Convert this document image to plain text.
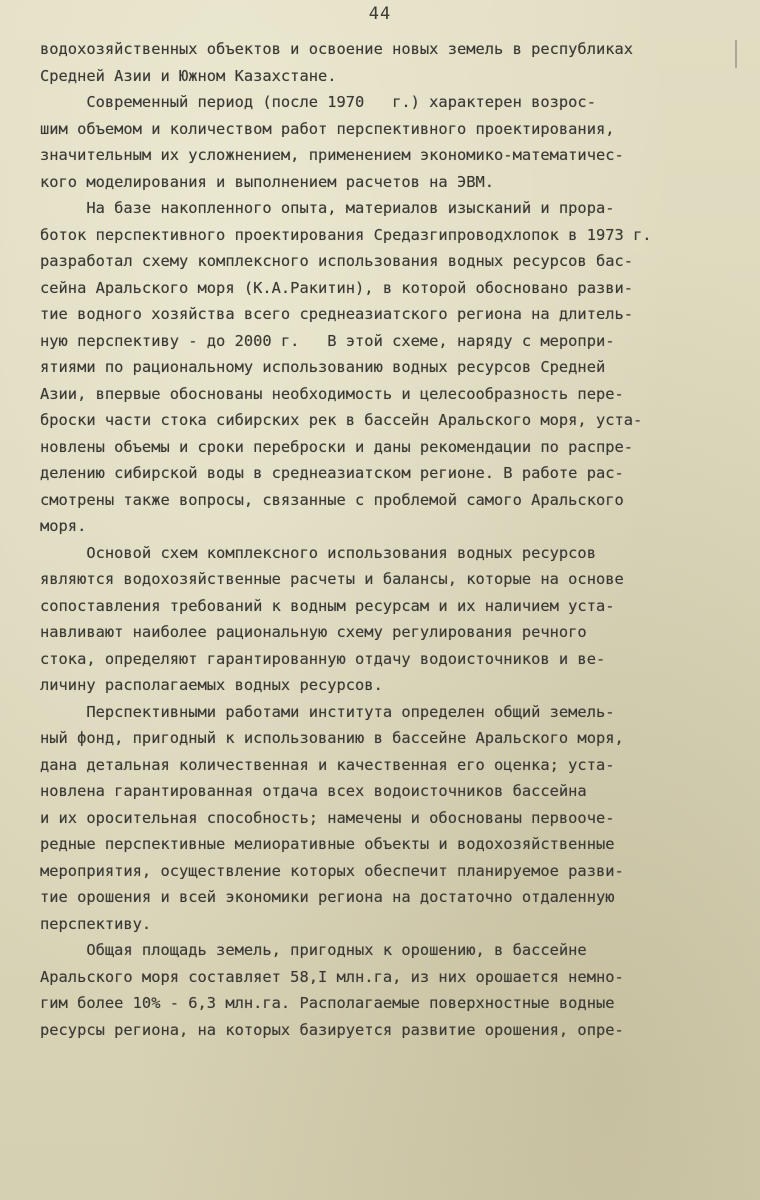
44
водохозяйственных объектов и освоение новых земель в республиках
Средней Азии и Южном Казахстане.
Современный период (после 1970   г.) характерен возрос-
шим объемом и количеством работ перспективного проектирования,
значительным их усложнением, применением экономико-математичес-
кого моделирования и выполнением расчетов на ЭВМ.
На базе накопленного опыта, материалов изысканий и прора-
боток перспективного проектирования Средазгипроводхлопок в 1973 г.
разработал схему комплексного использования водных ресурсов бас-
сейна Аральского моря (К.А.Ракитин), в которой обосновано разви-
тие водного хозяйства всего среднеазиатского региона на длитель-
ную перспективу - до 2000 г.   В этой схеме, наряду с меропри-
ятиями по рациональному использованию водных ресурсов Средней
Азии, впервые обоснованы необходимость и целесообразность пере-
броски части стока сибирских рек в бассейн Аральского моря, уста-
новлены объемы и сроки переброски и даны рекомендации по распре-
делению сибирской воды в среднеазиатском регионе. В работе рас-
смотрены также вопросы, связанные с проблемой самого Аральского
моря.
Основой схем комплексного использования водных ресурсов
являются водохозяйственные расчеты и балансы, которые на основе
сопоставления требований к водным ресурсам и их наличием уста-
навливают наиболее рациональную схему регулирования речного
стока, определяют гарантированную отдачу водоисточников и ве-
личину располагаемых водных ресурсов.
Перспективными работами института определен общий земель-
ный фонд, пригодный к использованию в бассейне Аральского моря,
дана детальная количественная и качественная его оценка; уста-
новлена гарантированная отдача всех водоисточников бассейна
и их оросительная способность; намечены и обоснованы первооче-
редные перспективные мелиоративные объекты и водохозяйственные
мероприятия, осуществление которых обеспечит планируемое разви-
тие орошения и всей экономики региона на достаточно отдаленную
перспективу.
Общая площадь земель, пригодных к орошению, в бассейне
Аральского моря составляет 58,I млн.га, из них орошается немно-
гим более 10% - 6,3 млн.га. Располагаемые поверхностные водные
ресурсы региона, на которых базируется развитие орошения, опре-
